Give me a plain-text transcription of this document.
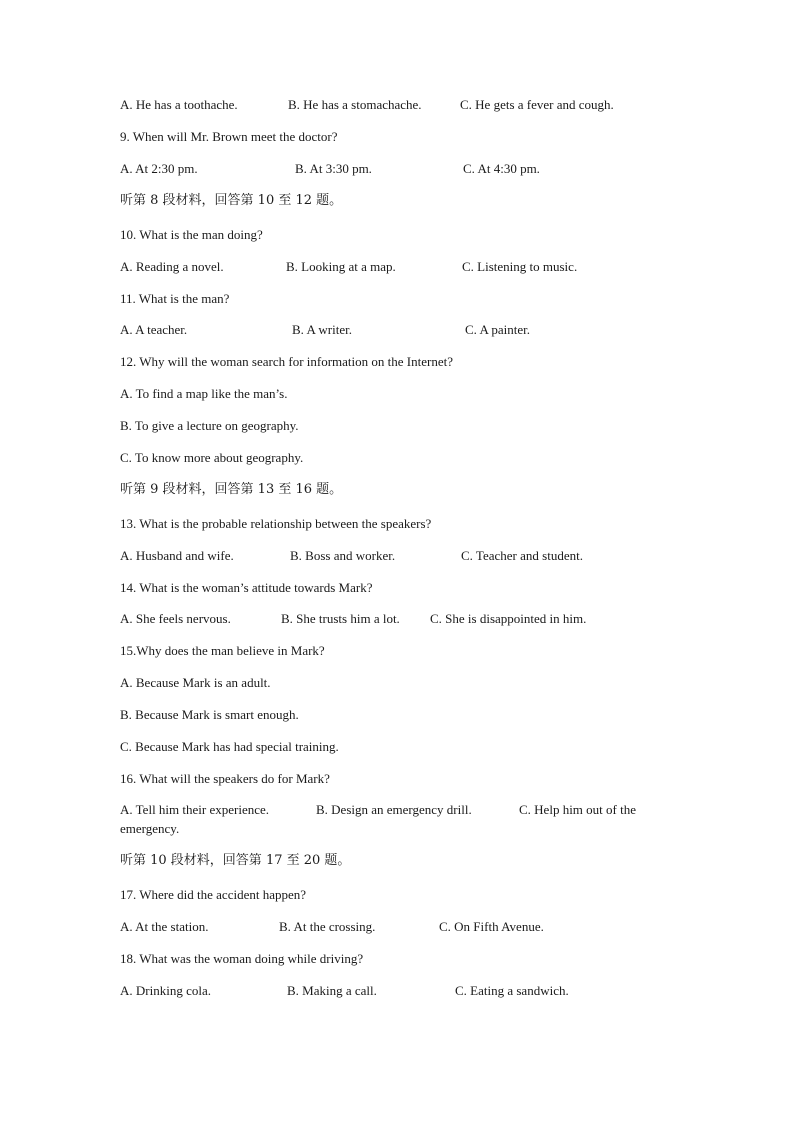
A. He has a toothache.	B. He has a stomachache.	C. He gets a fever and cough.
9. When will Mr. Brown meet the doctor?
A. At 2:30 pm.	B. At 3:30 pm.	C. At 4:30 pm.
听第 8 段材料，回答第 10 至 12 题。
10. What is the man doing?
A. Reading a novel.	B. Looking at a map.	C. Listening to music.
11. What is the man?
A. A teacher.	B. A writer.	C. A painter.
12. Why will the woman search for information on the Internet?
A. To find a map like the man’s.
B. To give a lecture on geography.
C. To know more about geography.
听第 9 段材料，回答第 13 至 16 题。
13. What is the probable relationship between the speakers?
A. Husband and wife.	B. Boss and worker.	C. Teacher and student.
14. What is the woman’s attitude towards Mark?
A. She feels nervous.	B. She trusts him a lot. C. She is disappointed in him.
15.Why does the man believe in Mark?
A. Because Mark is an adult.
B. Because Mark is smart enough.
C. Because Mark has had special training.
16. What will the speakers do for Mark?
A. Tell him their experience.	B. Design an emergency drill.	C. Help him out of the
emergency.
听第 10 段材料，回答第 17 至 20 题。
17. Where did the accident happen?
A. At the station.	B. At the crossing.	C. On Fifth Avenue.
18. What was the woman doing while driving?
A. Drinking cola.	B. Making a call.	C. Eating a sandwich.
